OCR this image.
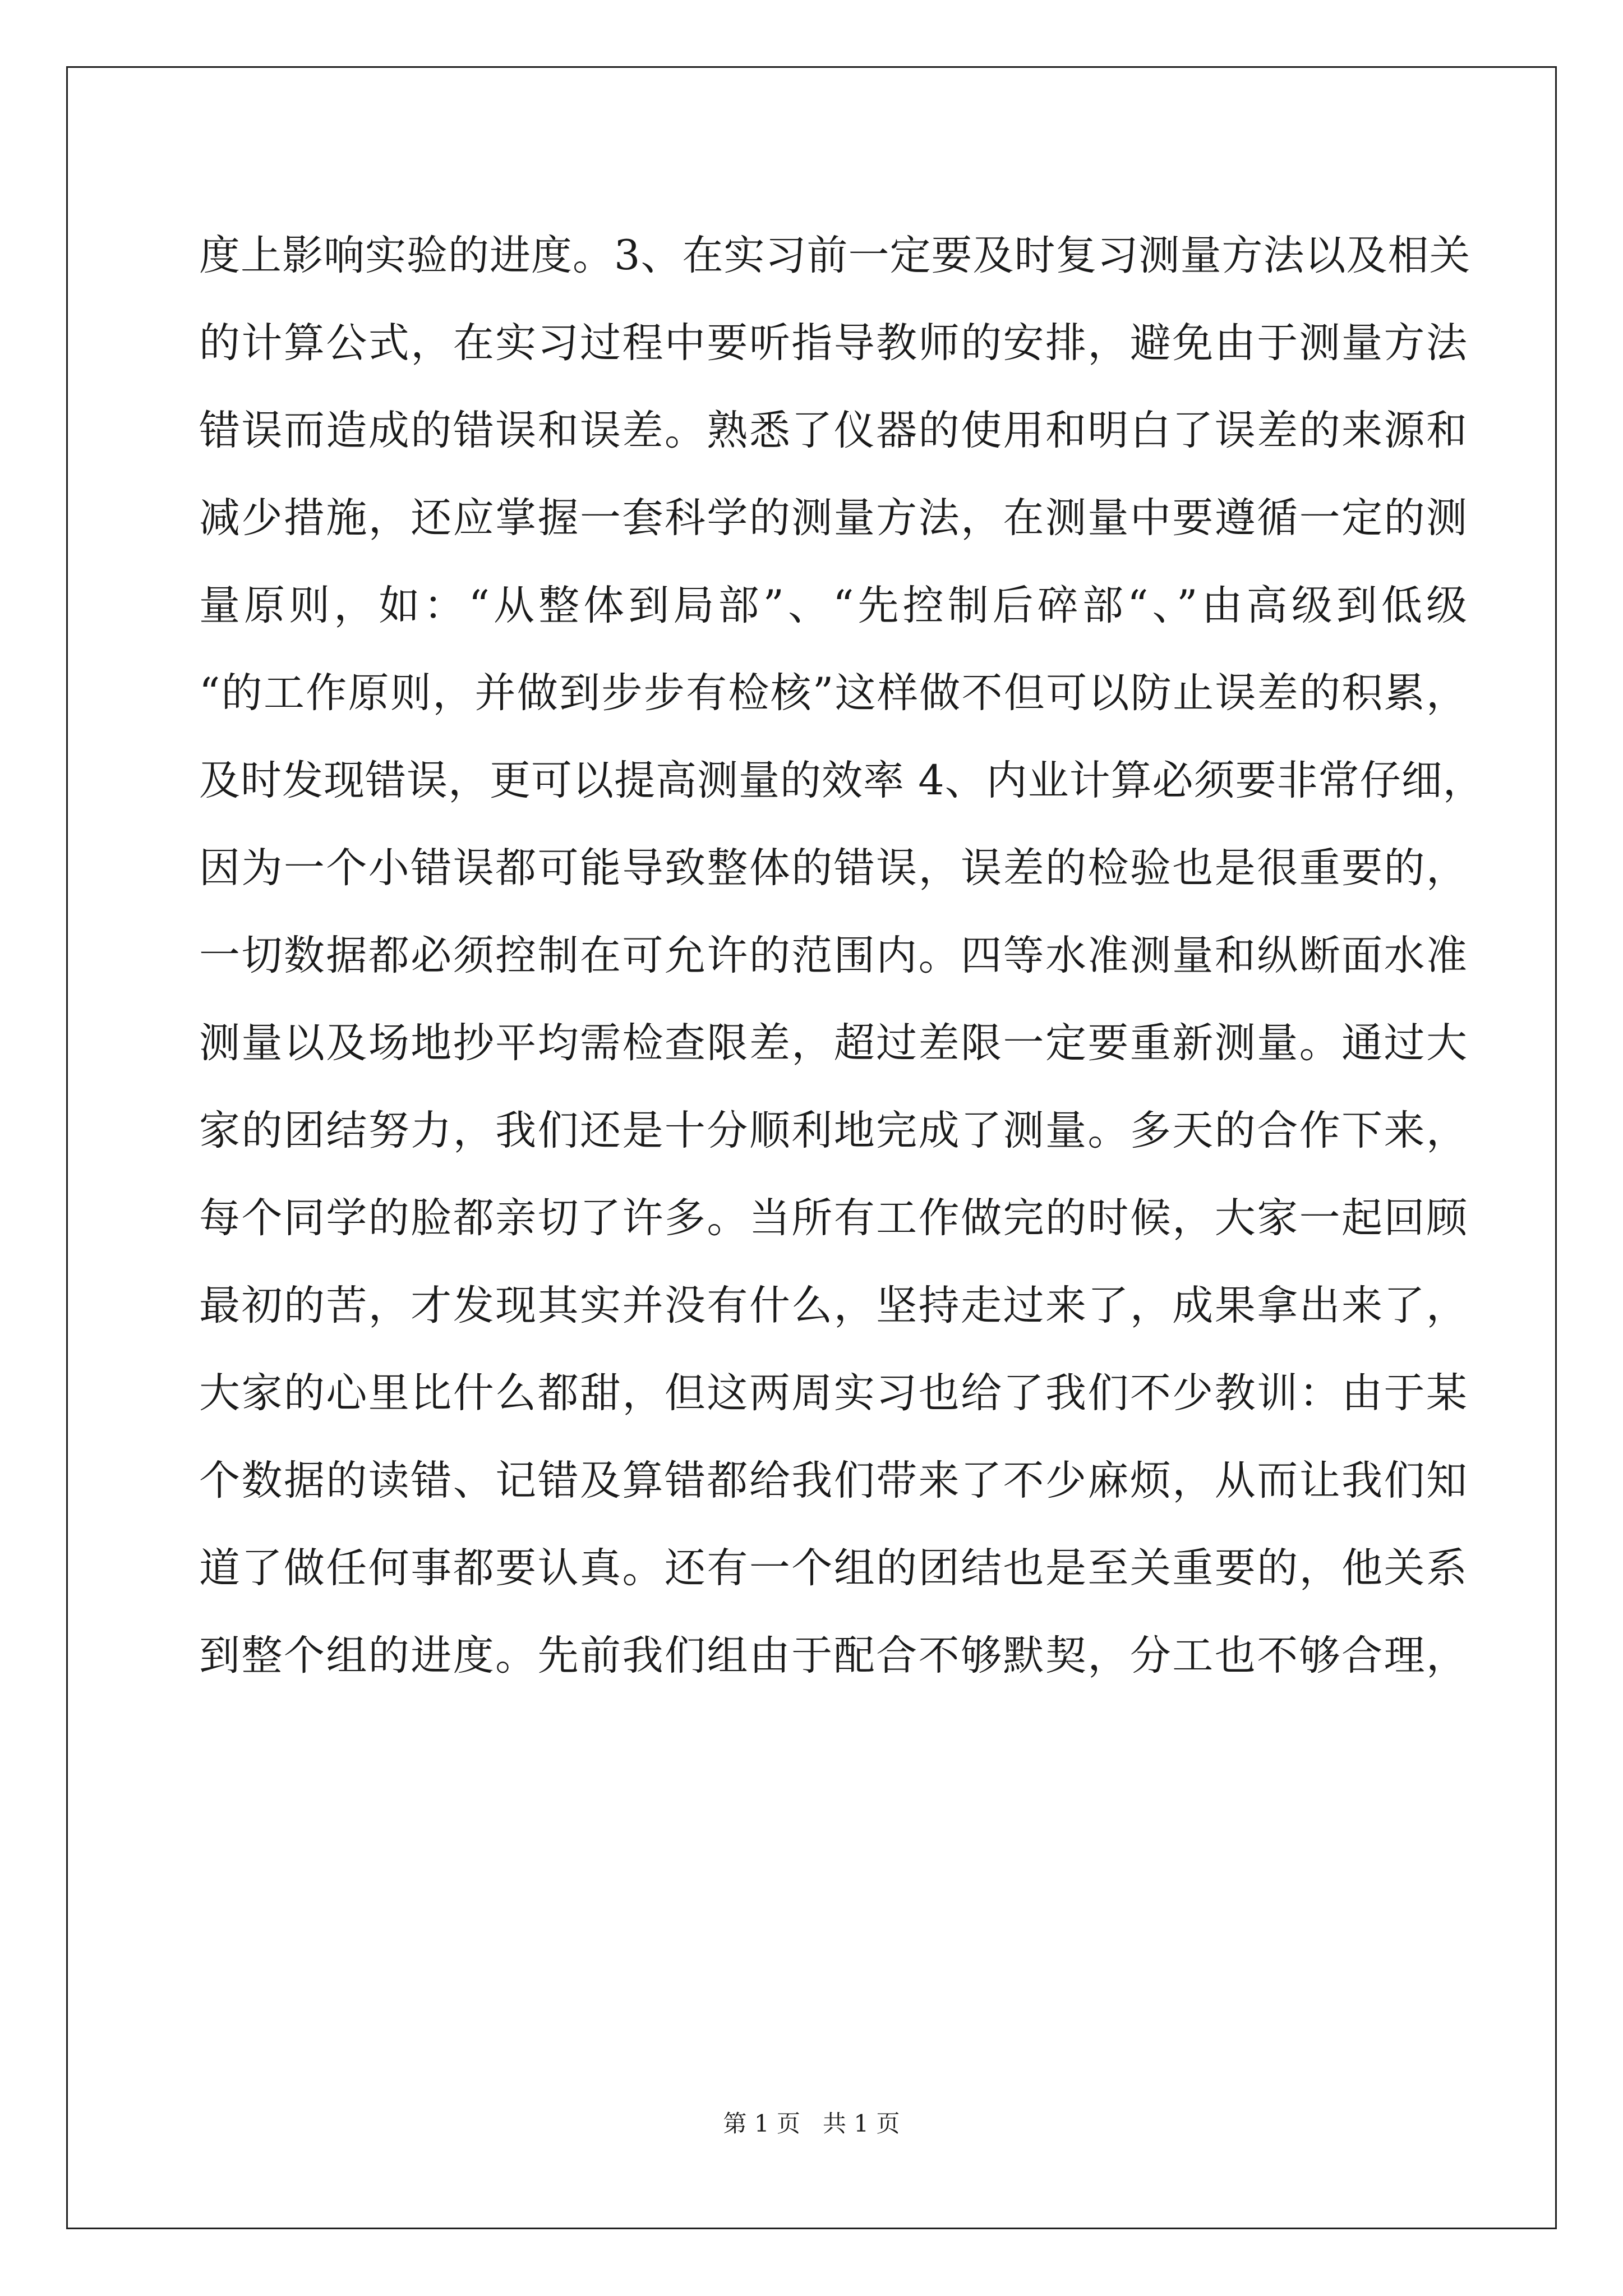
度上影响实验的进度。3、在实习前一定要及时复习测量方法以及相关
的计算公式，在实习过程中要听指导教师的安排，避免由于测量方法
错误而造成的错误和误差。熟悉了仪器的使用和明白了误差的来源和
减少措施，还应掌握一套科学的测量方法，在测量中要遵循一定的测
量原则，如：“从整体到局部”、“先控制后碎部“、”由高级到低级
“的工作原则，并做到步步有检核”这样做不但可以防止误差的积累，
及时发现错误，更可以提高测量的效率 4、内业计算必须要非常仔细，
因为一个小错误都可能导致整体的错误，误差的检验也是很重要的，
一切数据都必须控制在可允许的范围内。四等水准测量和纵断面水准
测量以及场地抄平均需检查限差，超过差限一定要重新测量。通过大
家的团结努力，我们还是十分顺利地完成了测量。多天的合作下来，
每个同学的脸都亲切了许多。当所有工作做完的时候，大家一起回顾
最初的苦，才发现其实并没有什么，坚持走过来了，成果拿出来了，
大家的心里比什么都甜，但这两周实习也给了我们不少教训：由于某
个数据的读错、记错及算错都给我们带来了不少麻烦，从而让我们知
道了做任何事都要认真。还有一个组的团结也是至关重要的，他关系
到整个组的进度。先前我们组由于配合不够默契，分工也不够合理，
第 1 页   共 1 页
